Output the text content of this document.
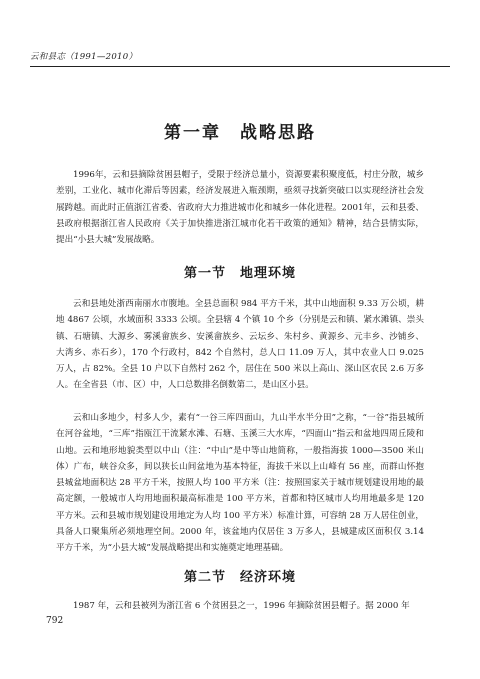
云和县志（1991—2010）
第一章　战略思路

1996年，云和县摘除贫困县帽子，受限于经济总量小，资源要素积聚度低，村庄分散，城乡差别，工业化、城市化滞后等因素，经济发展进入瓶颈期，亟须寻找新突破口以实现经济社会发展跨越。而此时正值浙江省委、省政府大力推进城市化和城乡一体化进程。2001年，云和县委、县政府根据浙江省人民政府《关于加快推进浙江城市化若干政策的通知》精神，结合县情实际，提出“小县大城”发展战略。

第一节　地理环境

云和县地处浙西南丽水市腹地。全县总面积 984 平方千米，其中山地面积 9.33 万公顷，耕地 4867 公顷，水域面积 3333 公顷。全县辖 4 个镇 10 个乡（分别是云和镇、紧水滩镇、崇头镇、石塘镇、大源乡、雾溪畲族乡、安溪畲族乡、云坛乡、朱村乡、黄源乡、元丰乡、沙铺乡、大湾乡、赤石乡），170 个行政村，842 个自然村，总人口 11.09 万人，其中农业人口 9.025 万人，占 82%。全县 10 户以下自然村 262 个，居住在 500 米以上高山、深山区农民 2.6 万多人。在全省县（市、区）中，人口总数排名倒数第二，是山区小县。

云和山多地少，村多人少，素有“一谷三库四面山，九山半水半分田”之称，“一谷”指县城所在河谷盆地，“三库”指瓯江干流紧水滩、石塘、玉溪三大水库，“四面山”指云和盆地四周丘陵和山地。云和地形地貌类型以中山（注：“中山”是中等山地简称，一般指海拔 1000—3500 米山体）广布，峡谷众多，间以狭长山间盆地为基本特征，海拔千米以上山峰有 56 座，而群山怀抱县城盆地面积达 28 平方千米，按照人均 100 平方米（注：按照国家关于城市规划建设用地的最高定额，一般城市人均用地面积最高标准是 100 平方米，首都和特区城市人均用地最多是 120 平方米。云和县城市规划建设用地定为人均 100 平方米）标准计算，可容纳 28 万人居住创业，具备人口聚集所必须地理空间。2000 年，该盆地内仅居住 3 万多人，县城建成区面积仅 3.14 平方千米，为“小县大城”发展战略提出和实施奠定地理基础。

第二节　经济环境

1987 年，云和县被列为浙江省 6 个贫困县之一，1996 年摘除贫困县帽子。据 2000 年

792
